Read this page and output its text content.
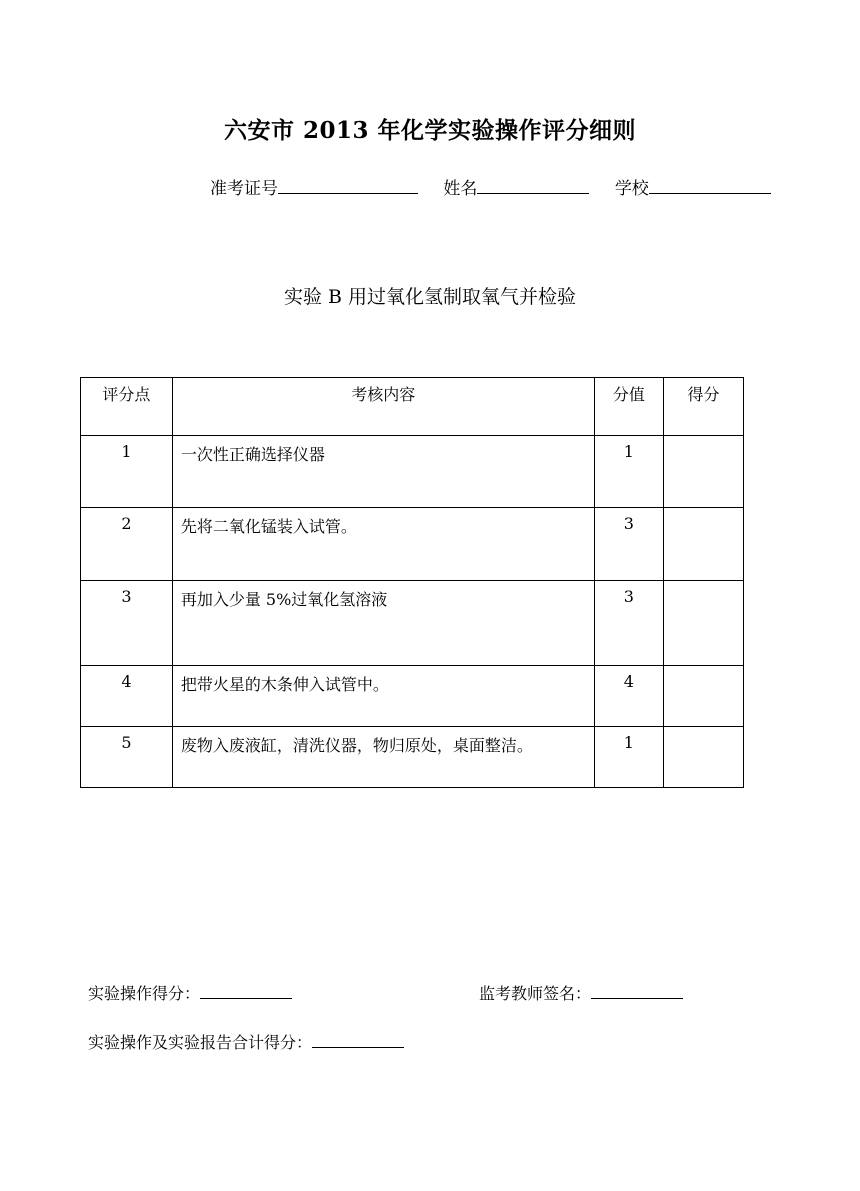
六安市 2013 年化学实验操作评分细则
准考证号	姓名	学校
实验 B 用过氧化氢制取氧气并检验
评分点	考核内容	分值	得分
1	一次性正确选择仪器	1	
2	先将二氧化锰装入试管。	3	
3	再加入少量 5%过氧化氢溶液	3	
4	把带火星的木条伸入试管中。	4	
5	废物入废液缸，清洗仪器，物归原处，桌面整洁。	1	
实验操作得分：	监考教师签名：
实验操作及实验报告合计得分：
